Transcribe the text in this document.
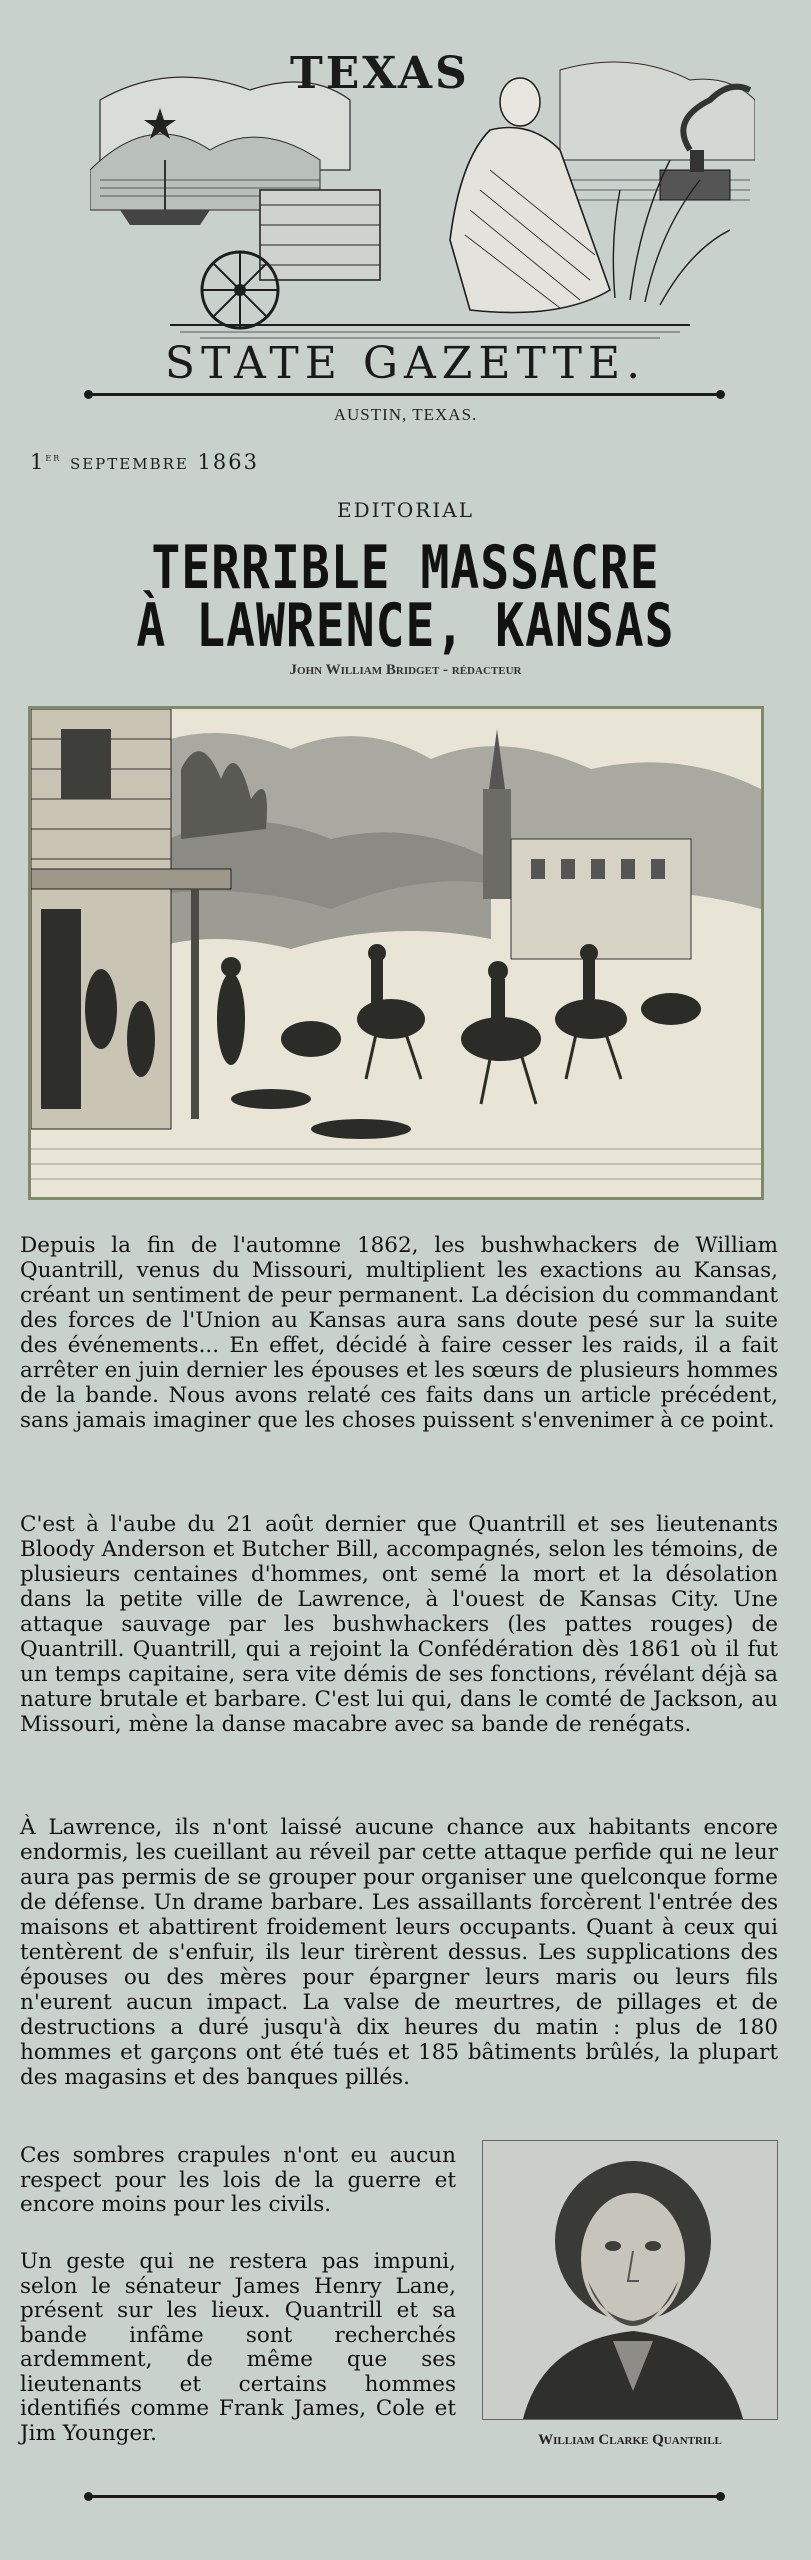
TEXAS
STATE GAZETTE.
AUSTIN, TEXAS.
1er septembre 1863
EDITORIAL
TERRIBLE MASSACRE
À LAWRENCE, KANSAS
John William Bridget - rédacteur

Depuis la fin de l'automne 1862, les bushwhackers de William Quantrill, venus du Missouri, multiplient les exactions au Kansas, créant un sentiment de peur permanent. La décision du commandant des forces de l'Union au Kansas aura sans doute pesé sur la suite des événements... En effet, décidé à faire cesser les raids, il a fait arrêter en juin dernier les épouses et les sœurs de plusieurs hommes de la bande. Nous avons relaté ces faits dans un article précédent, sans jamais imaginer que les choses puissent s'envenimer à ce point.

C'est à l'aube du 21 août dernier que Quantrill et ses lieutenants Bloody Anderson et Butcher Bill, accompagnés, selon les témoins, de plusieurs centaines d'hommes, ont semé la mort et la désolation dans la petite ville de Lawrence, à l'ouest de Kansas City. Une attaque sauvage par les bushwhackers (les pattes rouges) de Quantrill. Quantrill, qui a rejoint la Confédération dès 1861 où il fut un temps capitaine, sera vite démis de ses fonctions, révélant déjà sa nature brutale et barbare. C'est lui qui, dans le comté de Jackson, au Missouri, mène la danse macabre avec sa bande de renégats.

À Lawrence, ils n'ont laissé aucune chance aux habitants encore endormis, les cueillant au réveil par cette attaque perfide qui ne leur aura pas permis de se grouper pour organiser une quelconque forme de défense. Un drame barbare. Les assaillants forcèrent l'entrée des maisons et abattirent froidement leurs occupants. Quant à ceux qui tentèrent de s'enfuir, ils leur tirèrent dessus. Les supplications des épouses ou des mères pour épargner leurs maris ou leurs fils n'eurent aucun impact. La valse de meurtres, de pillages et de destructions a duré jusqu'à dix heures du matin : plus de 180 hommes et garçons ont été tués et 185 bâtiments brûlés, la plupart des magasins et des banques pillés.

Ces sombres crapules n'ont eu aucun respect pour les lois de la guerre et encore moins pour les civils.

Un geste qui ne restera pas impuni, selon le sénateur James Henry Lane, présent sur les lieux. Quantrill et sa bande infâme sont recherchés ardemment, de même que ses lieutenants et certains hommes identifiés comme Frank James, Cole et Jim Younger.	William Clarke Quantrill
